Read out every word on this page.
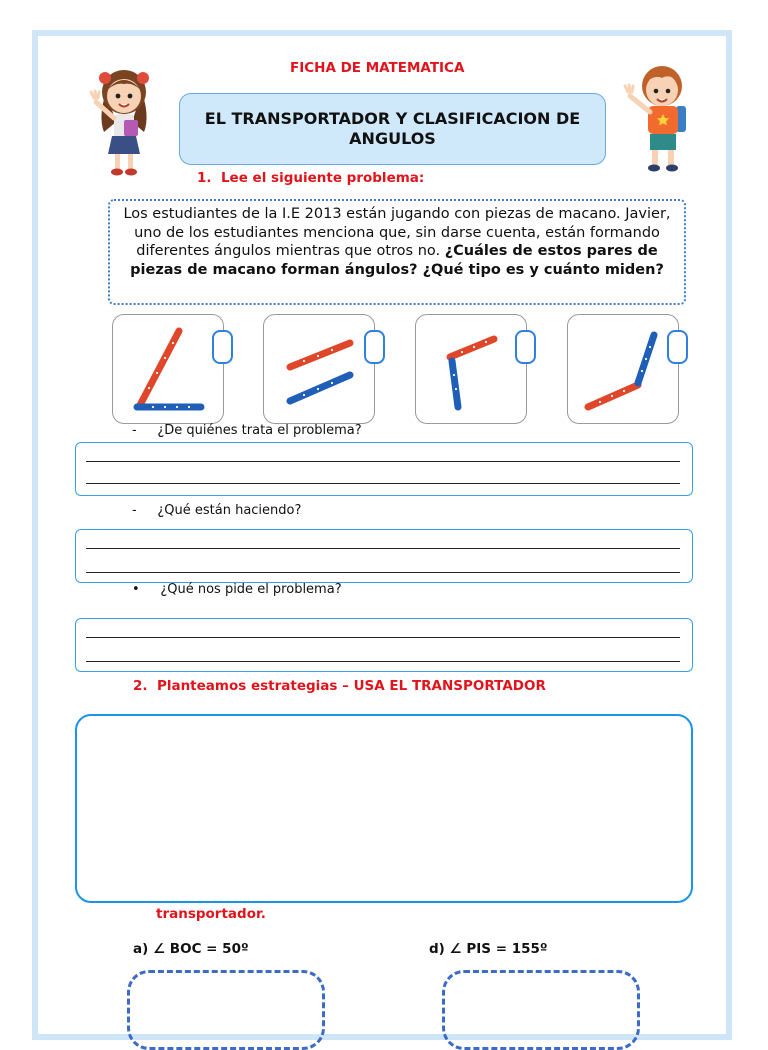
FICHA DE MATEMATICA
EL TRANSPORTADOR Y CLASIFICACION DE ANGULOS
1. Lee el siguiente problema:
Los estudiantes de la I.E 2013 están jugando con piezas de macano. Javier, uno de los estudiantes menciona que, sin darse cuenta, están formando diferentes ángulos mientras que otros no. ¿Cuáles de estos pares de piezas de macano forman ángulos? ¿Qué tipo es y cuánto miden?
- ¿De quiénes trata el problema?
- ¿Qué están haciendo?
• ¿Qué nos pide el problema?
2. Planteamos estrategias – USA EL TRANSPORTADOR
transportador.
a) ∠ BOC = 50º	d) ∠ PIS = 155º
